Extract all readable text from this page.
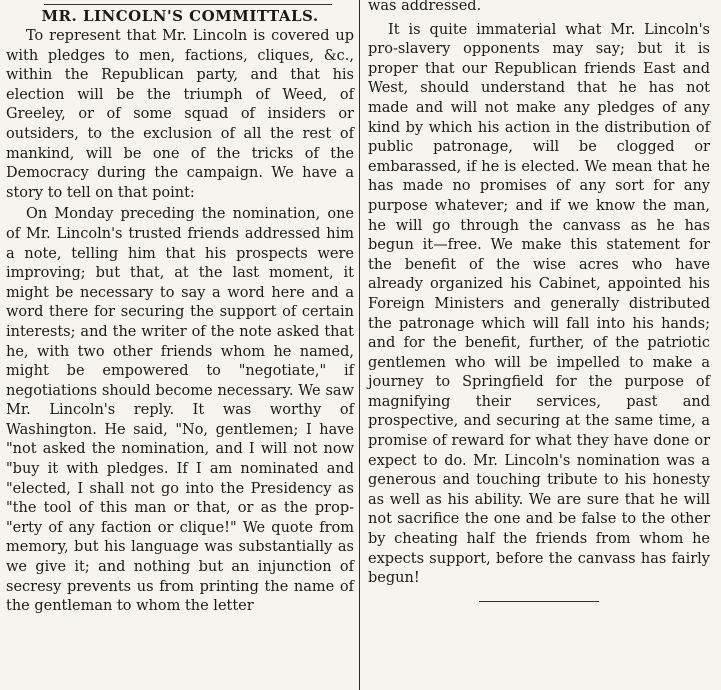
MR. LINCOLN'S COMMITTALS.

To represent that Mr. Lincoln is covered up with pledges to men, factions, cliques, &c., within the Republican party, and that his election will be the triumph of Weed, of Greeley, or of some squad of insiders or outsiders, to the exclusion of all the rest of mankind, will be one of the tricks of the Democracy during the campaign. We have a story to tell on that point:

On Monday preceding the nomination, one of Mr. Lincoln's trusted friends addressed him a note, telling him that his prospects were improving; but that, at the last moment, it might be necessary to say a word here and a word there for securing the support of certain interests; and the writer of the note asked that he, with two other friends whom he named, might be empowered to "negotiate," if negotiations should become necessary. We saw Mr. Lincoln's reply. It was worthy of Washington. He said, "No, gentlemen; I have "not asked the nomination, and I will not now "buy it with pledges. If I am nominated and "elected, I shall not go into the Presidency as "the tool of this man or that, or as the prop-"erty of any faction or clique!" We quote from memory, but his language was substantially as we give it; and nothing but an injunction of secresy prevents us from printing the name of the gentleman to whom the letter

was addressed.

It is quite immaterial what Mr. Lincoln's pro-slavery opponents may say; but it is proper that our Republican friends East and West, should understand that he has not made and will not make any pledges of any kind by which his action in the distribution of public patronage, will be clogged or embarassed, if he is elected. We mean that he has made no promises of any sort for any purpose whatever; and if we know the man, he will go through the canvass as he has begun it—free. We make this statement for the benefit of the wise acres who have already organized his Cabinet, appointed his Foreign Ministers and generally distributed the patronage which will fall into his hands; and for the benefit, further, of the patriotic gentlemen who will be impelled to make a journey to Springfield for the purpose of magnifying their services, past and prospective, and securing at the same time, a promise of reward for what they have done or expect to do. Mr. Lincoln's nomination was a generous and touching tribute to his honesty as well as his ability. We are sure that he will not sacrifice the one and be false to the other by cheating half the friends from whom he expects support, before the canvass has fairly begun!
